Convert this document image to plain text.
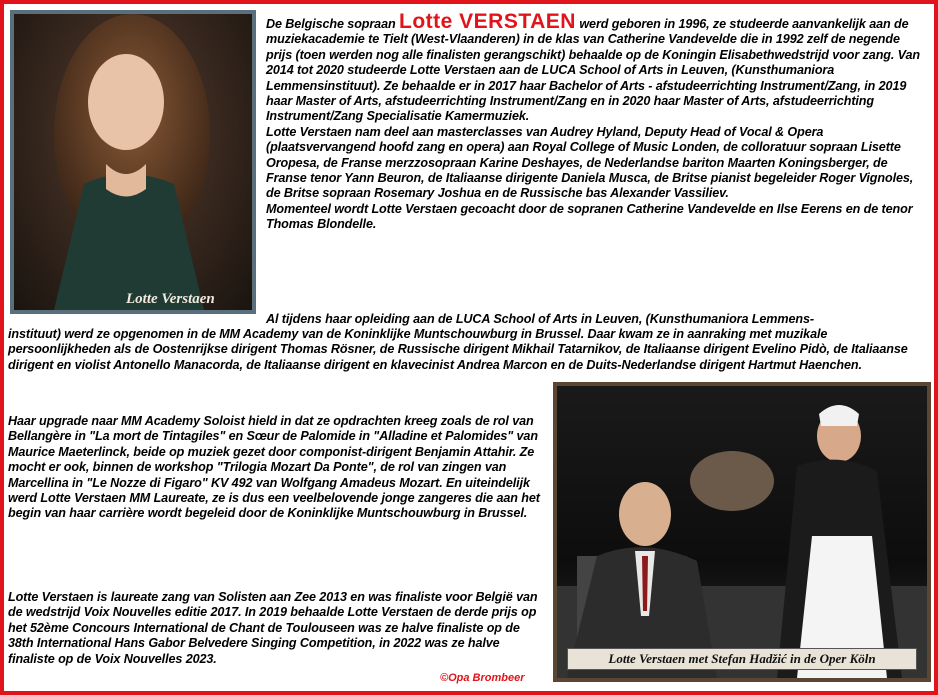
Lotte Verstaen
Lotte Verstaen met Stefan Hadžić in de Oper Köln
De Belgische sopraan Lotte VERSTAEN werd geboren in 1996, ze studeerde aanvankelijk aan de muziekacademie te Tielt (West-Vlaanderen) in de klas van Catherine Vandevelde die in 1992 zelf de negende prijs (toen werden nog alle finalisten gerangschikt) behaalde op de Koningin Elisabethwedstrijd voor zang. Van 2014 tot 2020 studeerde Lotte Verstaen aan de LUCA School of Arts in Leuven, (Kunsthumaniora Lemmensinstituut). Ze behaalde er in 2017 haar Bachelor of Arts - afstudeerrichting Instrument/Zang, in 2019 haar Master of Arts, afstudeerrichting Instrument/Zang en in 2020 haar Master of Arts, afstudeerrichting Instrument/Zang Specialisatie Kamermuziek.
Lotte Verstaen nam deel aan masterclasses van Audrey Hyland, Deputy Head of Vocal & Opera (plaatsvervangend hoofd zang en opera) aan Royal College of Music Londen, de colloratuur sopraan Lisette Oropesa, de Franse merzzosopraan Karine Deshayes, de Nederlandse bariton Maarten Koningsberger, de Franse tenor Yann Beuron, de Italiaanse dirigente Daniela Musca, de Britse pianist begeleider Roger Vignoles, de Britse sopraan Rosemary Joshua en de Russische bas Alexander Vassiliev.
Momenteel wordt Lotte Verstaen gecoacht door de sopranen Catherine Vandevelde en Ilse Eerens en de tenor Thomas Blondelle.
Al tijdens haar opleiding aan de LUCA School of Arts in Leuven, (Kunsthumaniora Lemmens-
instituut) werd ze opgenomen in de MM Academy van de Koninklijke Muntschouwburg in Brussel. Daar kwam ze in aanraking met muzikale persoonlijkheden als de Oostenrijkse dirigent Thomas Rösner, de Russische dirigent Mikhail Tatarnikov, de Italiaanse dirigent Evelino Pidò, de Italiaanse dirigent en violist Antonello Manacorda, de Italiaanse dirigent en klavecinist Andrea Marcon en de Duits-Nederlandse dirigent Hartmut Haenchen.
Haar upgrade naar MM Academy Soloist hield in dat ze opdrachten kreeg zoals de rol van Bellangère in "La mort de Tintagiles" en Sœur de Palomide in "Alladine et Palomides" van Maurice Maeterlinck, beide op muziek gezet door componist-dirigent Benjamin Attahir. Ze mocht er ook, binnen de workshop "Trilogia Mozart Da Ponte", de rol van zingen van Marcellina in "Le Nozze di Figaro" KV 492 van Wolfgang Amadeus Mozart. En uiteindelijk werd Lotte Verstaen MM Laureate, ze is dus een veelbelovende jonge zangeres die aan het begin van haar carrière wordt begeleid door de Koninklijke Muntschouwburg in Brussel.
Lotte Verstaen is laureate zang van Solisten aan Zee 2013 en was finaliste voor België van de wedstrijd Voix Nouvelles editie 2017. In 2019 behaalde Lotte Verstaen de derde prijs op het 52ème Concours International de Chant de Toulouseen was ze halve finaliste op de 38th International Hans Gabor Belvedere Singing Competition, in 2022 was ze halve finaliste op de Voix Nouvelles 2023.
©Opa Brombeer
